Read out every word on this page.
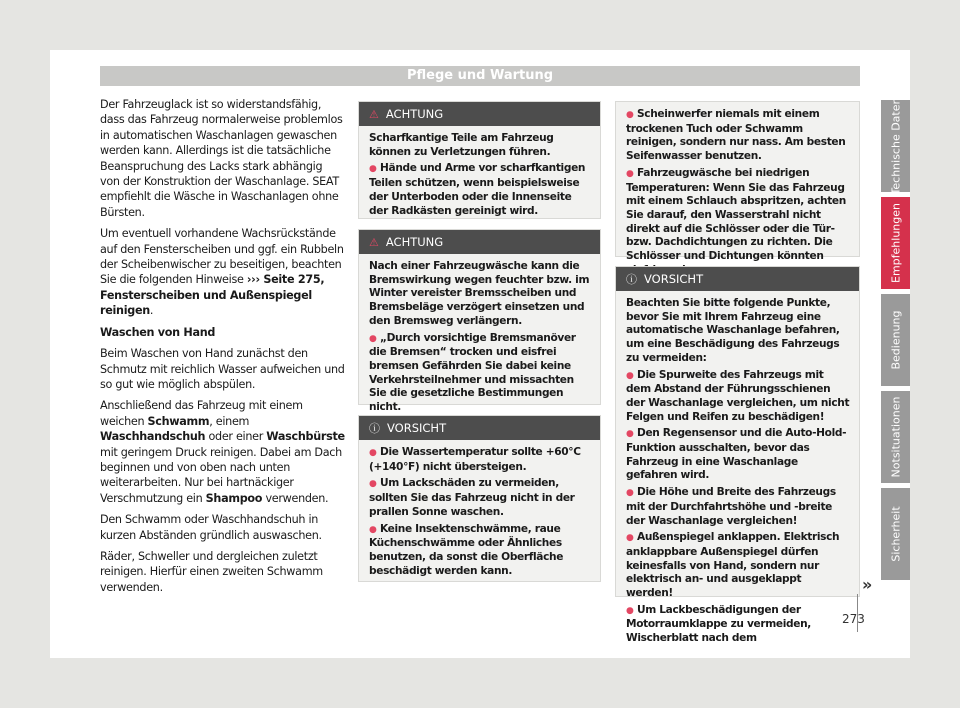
Pflege und Wartung

Der Fahrzeuglack ist so widerstandsfähig, dass das Fahrzeug normalerweise problemlos in automatischen Waschanlagen gewaschen werden kann. Allerdings ist die tatsächliche Beanspruchung des Lacks stark abhängig von der Konstruktion der Waschanlage. SEAT empfiehlt die Wäsche in Waschanlagen ohne Bürsten.

Um eventuell vorhandene Wachsrückstände auf den Fensterscheiben und ggf. ein Rubbeln der Scheibenwischer zu beseitigen, beachten Sie die folgenden Hinweise ››› Seite 275, Fensterscheiben und Außenspiegel reinigen.

Waschen von Hand

Beim Waschen von Hand zunächst den Schmutz mit reichlich Wasser aufweichen und so gut wie möglich abspülen.

Anschließend das Fahrzeug mit einem weichen Schwamm, einem Waschhandschuh oder einer Waschbürste mit geringem Druck reinigen. Dabei am Dach beginnen und von oben nach unten weiterarbeiten. Nur bei hartnäckiger Verschmutzung ein Shampoo verwenden.

Den Schwamm oder Waschhandschuh in kurzen Abständen gründlich auswaschen.

Räder, Schweller und dergleichen zuletzt reinigen. Hierfür einen zweiten Schwamm verwenden.

⚠ ACHTUNG

Scharfkantige Teile am Fahrzeug können zu Verletzungen führen.

● Hände und Arme vor scharfkantigen Teilen schützen, wenn beispielsweise der Unterboden oder die Innenseite der Radkästen gereinigt wird.

⚠ ACHTUNG

Nach einer Fahrzeugwäsche kann die Bremswirkung wegen feuchter bzw. im Winter vereister Bremsscheiben und Bremsbeläge verzögert einsetzen und den Bremsweg verlängern.

● „Durch vorsichtige Bremsmanöver die Bremsen“ trocken und eisfrei bremsen Gefährden Sie dabei keine Verkehrsteilnehmer und missachten Sie die gesetzliche Bestimmungen nicht.

ⓘ VORSICHT

● Die Wassertemperatur sollte +60°C (+140°F) nicht übersteigen.

● Um Lackschäden zu vermeiden, sollten Sie das Fahrzeug nicht in der prallen Sonne waschen.

● Keine Insektenschwämme, raue Küchenschwämme oder Ähnliches benutzen, da sonst die Oberfläche beschädigt werden kann.

● Scheinwerfer niemals mit einem trockenen Tuch oder Schwamm reinigen, sondern nur nass. Am besten Seifenwasser benutzen.

● Fahrzeugwäsche bei niedrigen Temperaturen: Wenn Sie das Fahrzeug mit einem Schlauch abspritzen, achten Sie darauf, den Wasserstrahl nicht direkt auf die Schlösser oder die Tür- bzw. Dachdichtungen zu richten. Die Schlösser und Dichtungen könnten

ⓘ VORSICHT

Beachten Sie bitte folgende Punkte, bevor Sie mit Ihrem Fahrzeug eine automatische Waschanlage befahren, um eine Beschädigung des Fahrzeugs zu vermeiden:

● Die Spurweite des Fahrzeugs mit dem Abstand der Führungsschienen der Waschanlage vergleichen, um nicht Felgen und Reifen zu beschädigen!

● Den Regensensor und die Auto-Hold-Funktion ausschalten, bevor das Fahrzeug in eine Waschanlage gefahren wird.

● Die Höhe und Breite des Fahrzeugs mit der Durchfahrtshöhe und -breite der Waschanlage vergleichen!

● Außenspiegel anklappen. Elektrisch anklappbare Außenspiegel dürfen keinesfalls von Hand, sondern nur elektrisch an- und ausgeklappt werden!

● Um Lackbeschädigungen der Motorraumklappe zu vermeiden, Wischerblatt nach dem

»
Technische Daten
Empfehlungen
Bedienung
Notsituationen
Sicherheit
273
